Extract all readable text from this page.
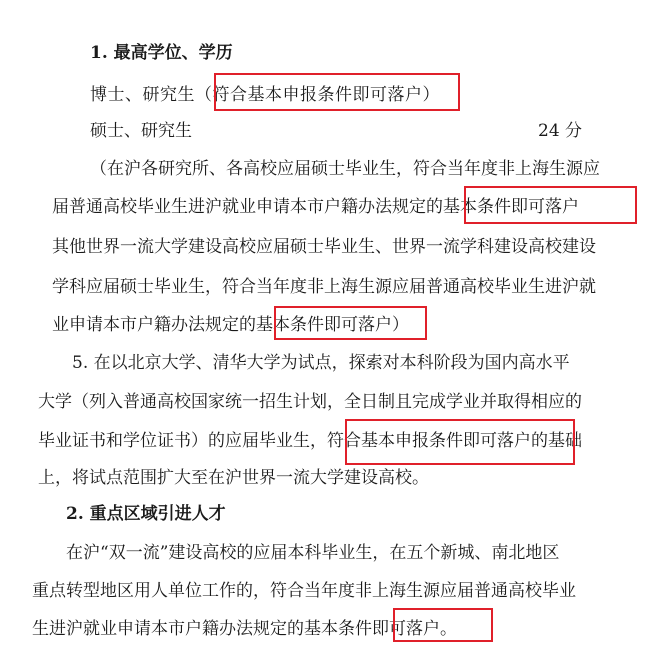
1. 最高学位、学历
博士、研究生（符合基本申报条件即可落户）
硕士、研究生	24 分
（在沪各研究所、各高校应届硕士毕业生，符合当年度非上海生源应
届普通高校毕业生进沪就业申请本市户籍办法规定的基本条件即可落户
其他世界一流大学建设高校应届硕士毕业生、世界一流学科建设高校建设
学科应届硕士毕业生，符合当年度非上海生源应届普通高校毕业生进沪就
业申请本市户籍办法规定的基本条件即可落户）
5. 在以北京大学、清华大学为试点，探索对本科阶段为国内高水平
大学（列入普通高校国家统一招生计划，全日制且完成学业并取得相应的
毕业证书和学位证书）的应届毕业生，符合基本申报条件即可落户的基础
上，将试点范围扩大至在沪世界一流大学建设高校。
2. 重点区域引进人才
在沪“双一流”建设高校的应届本科毕业生，在五个新城、南北地区
重点转型地区用人单位工作的，符合当年度非上海生源应届普通高校毕业
生进沪就业申请本市户籍办法规定的基本条件即可落户。
